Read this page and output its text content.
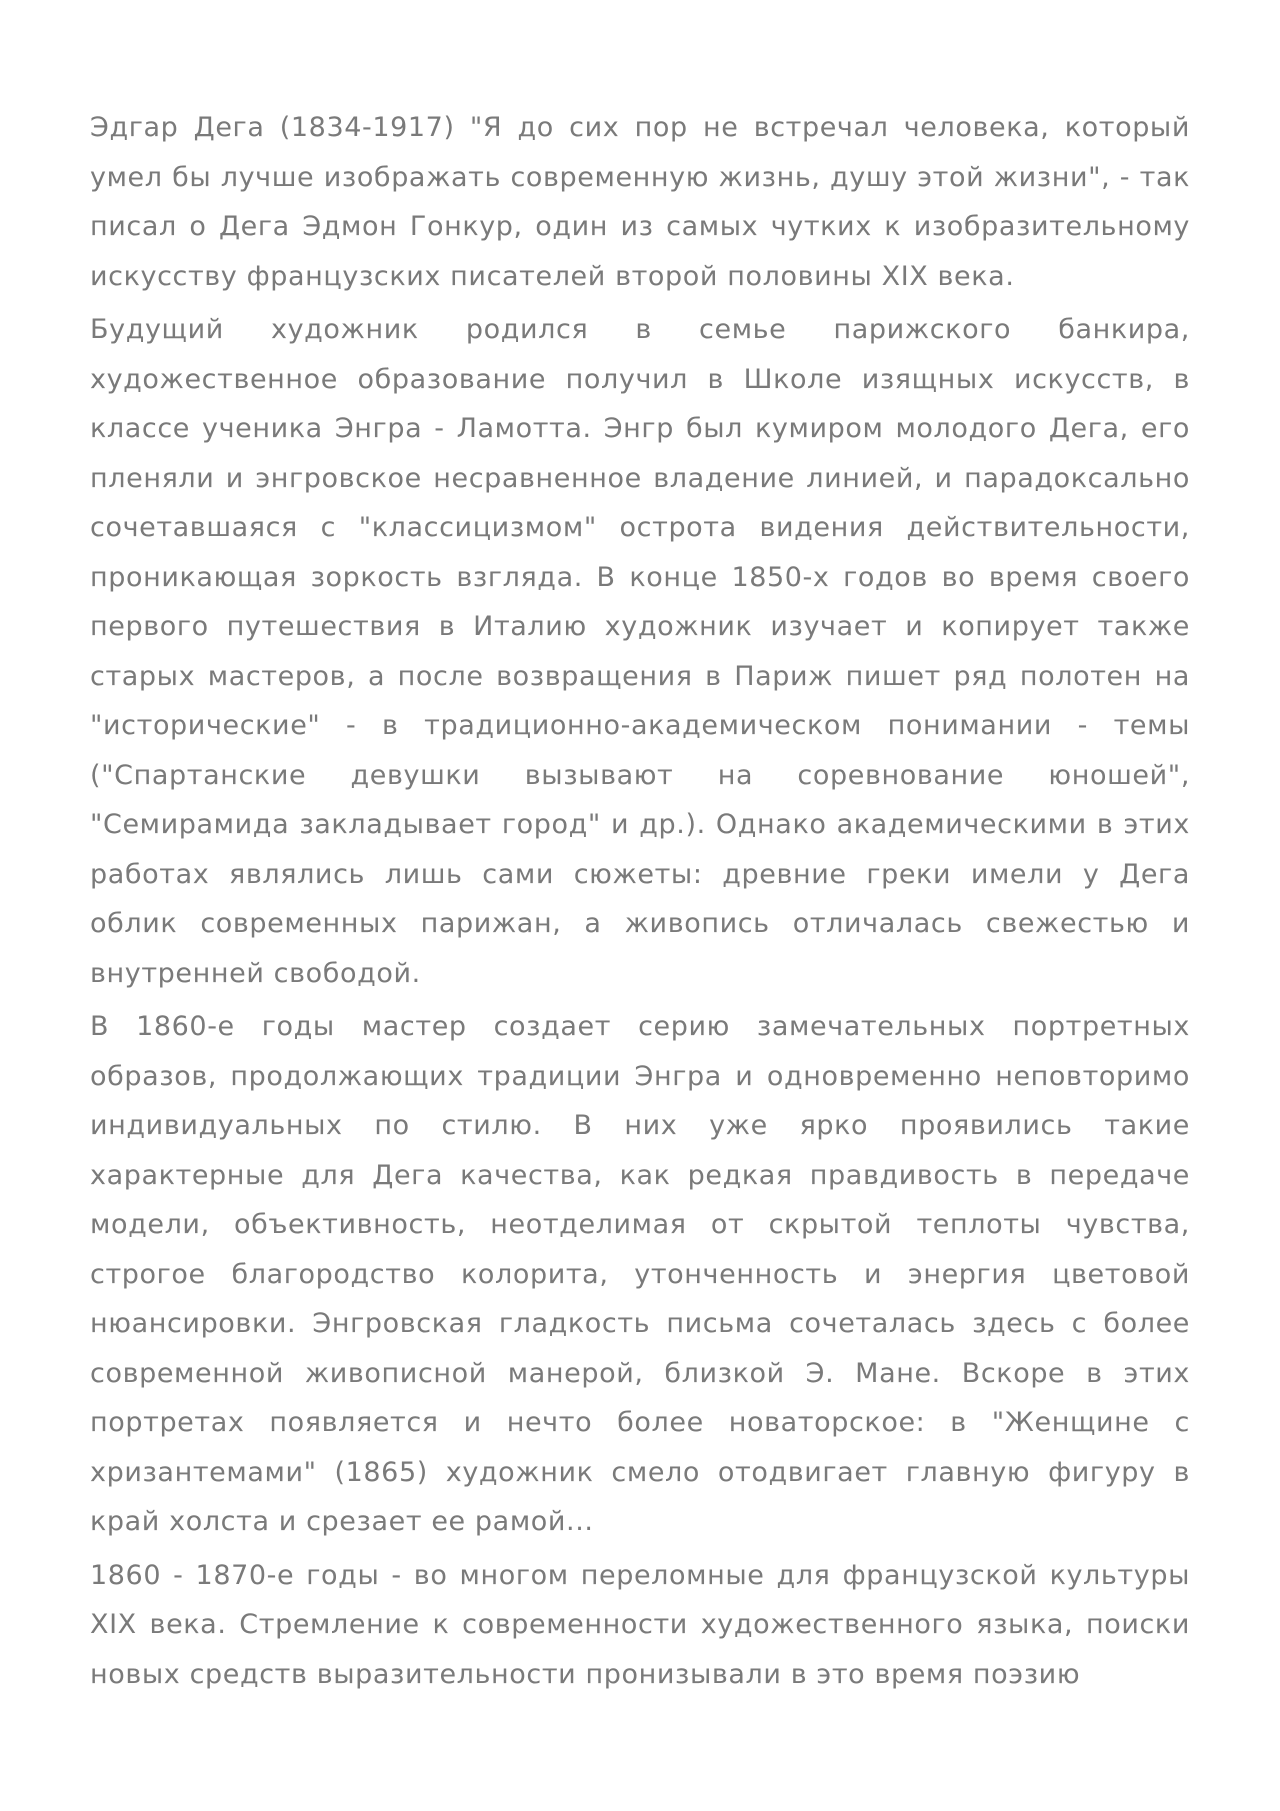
Эдгар Дега (1834-1917) "Я до сих пор не встречал человека, который умел бы лучше изображать современную жизнь, душу этой жизни", - так писал о Дега Эдмон Гонкур, один из самых чутких к изобразительному искусству французских писателей второй половины XIX века.

Будущий художник родился в семье парижского банкира, художественное образование получил в Школе изящных искусств, в классе ученика Энгра - Ламотта. Энгр был кумиром молодого Дега, его пленяли и энгровское несравненное владение линией, и парадоксально сочетавшаяся с "классицизмом" острота видения действительности, проникающая зоркость взгляда. В конце 1850-х годов во время своего первого путешествия в Италию художник изучает и копирует также старых мастеров, а после возвращения в Париж пишет ряд полотен на "исторические" - в традиционно-академическом понимании - темы ("Спартанские девушки вызывают на соревнование юношей", "Семирамида закладывает город" и др.). Однако академическими в этих работах являлись лишь сами сюжеты: древние греки имели у Дега облик современных парижан, а живопись отличалась свежестью и внутренней свободой.

В 1860-е годы мастер создает серию замечательных портретных образов, продолжающих традиции Энгра и одновременно неповторимо индивидуальных по стилю. В них уже ярко проявились такие характерные для Дега качества, как редкая правдивость в передаче модели, объективность, неотделимая от скрытой теплоты чувства, строгое благородство колорита, утонченность и энергия цветовой нюансировки. Энгровская гладкость письма сочеталась здесь с более современной живописной манерой, близкой Э. Мане. Вскоре в этих портретах появляется и нечто более новаторское: в "Женщине с хризантемами" (1865) художник смело отодвигает главную фигуру в край холста и срезает ее рамой...

1860 - 1870-е годы - во многом переломные для французской культуры XIX века. Стремление к современности художественного языка, поиски новых средств выразительности пронизывали в это время поэзию
